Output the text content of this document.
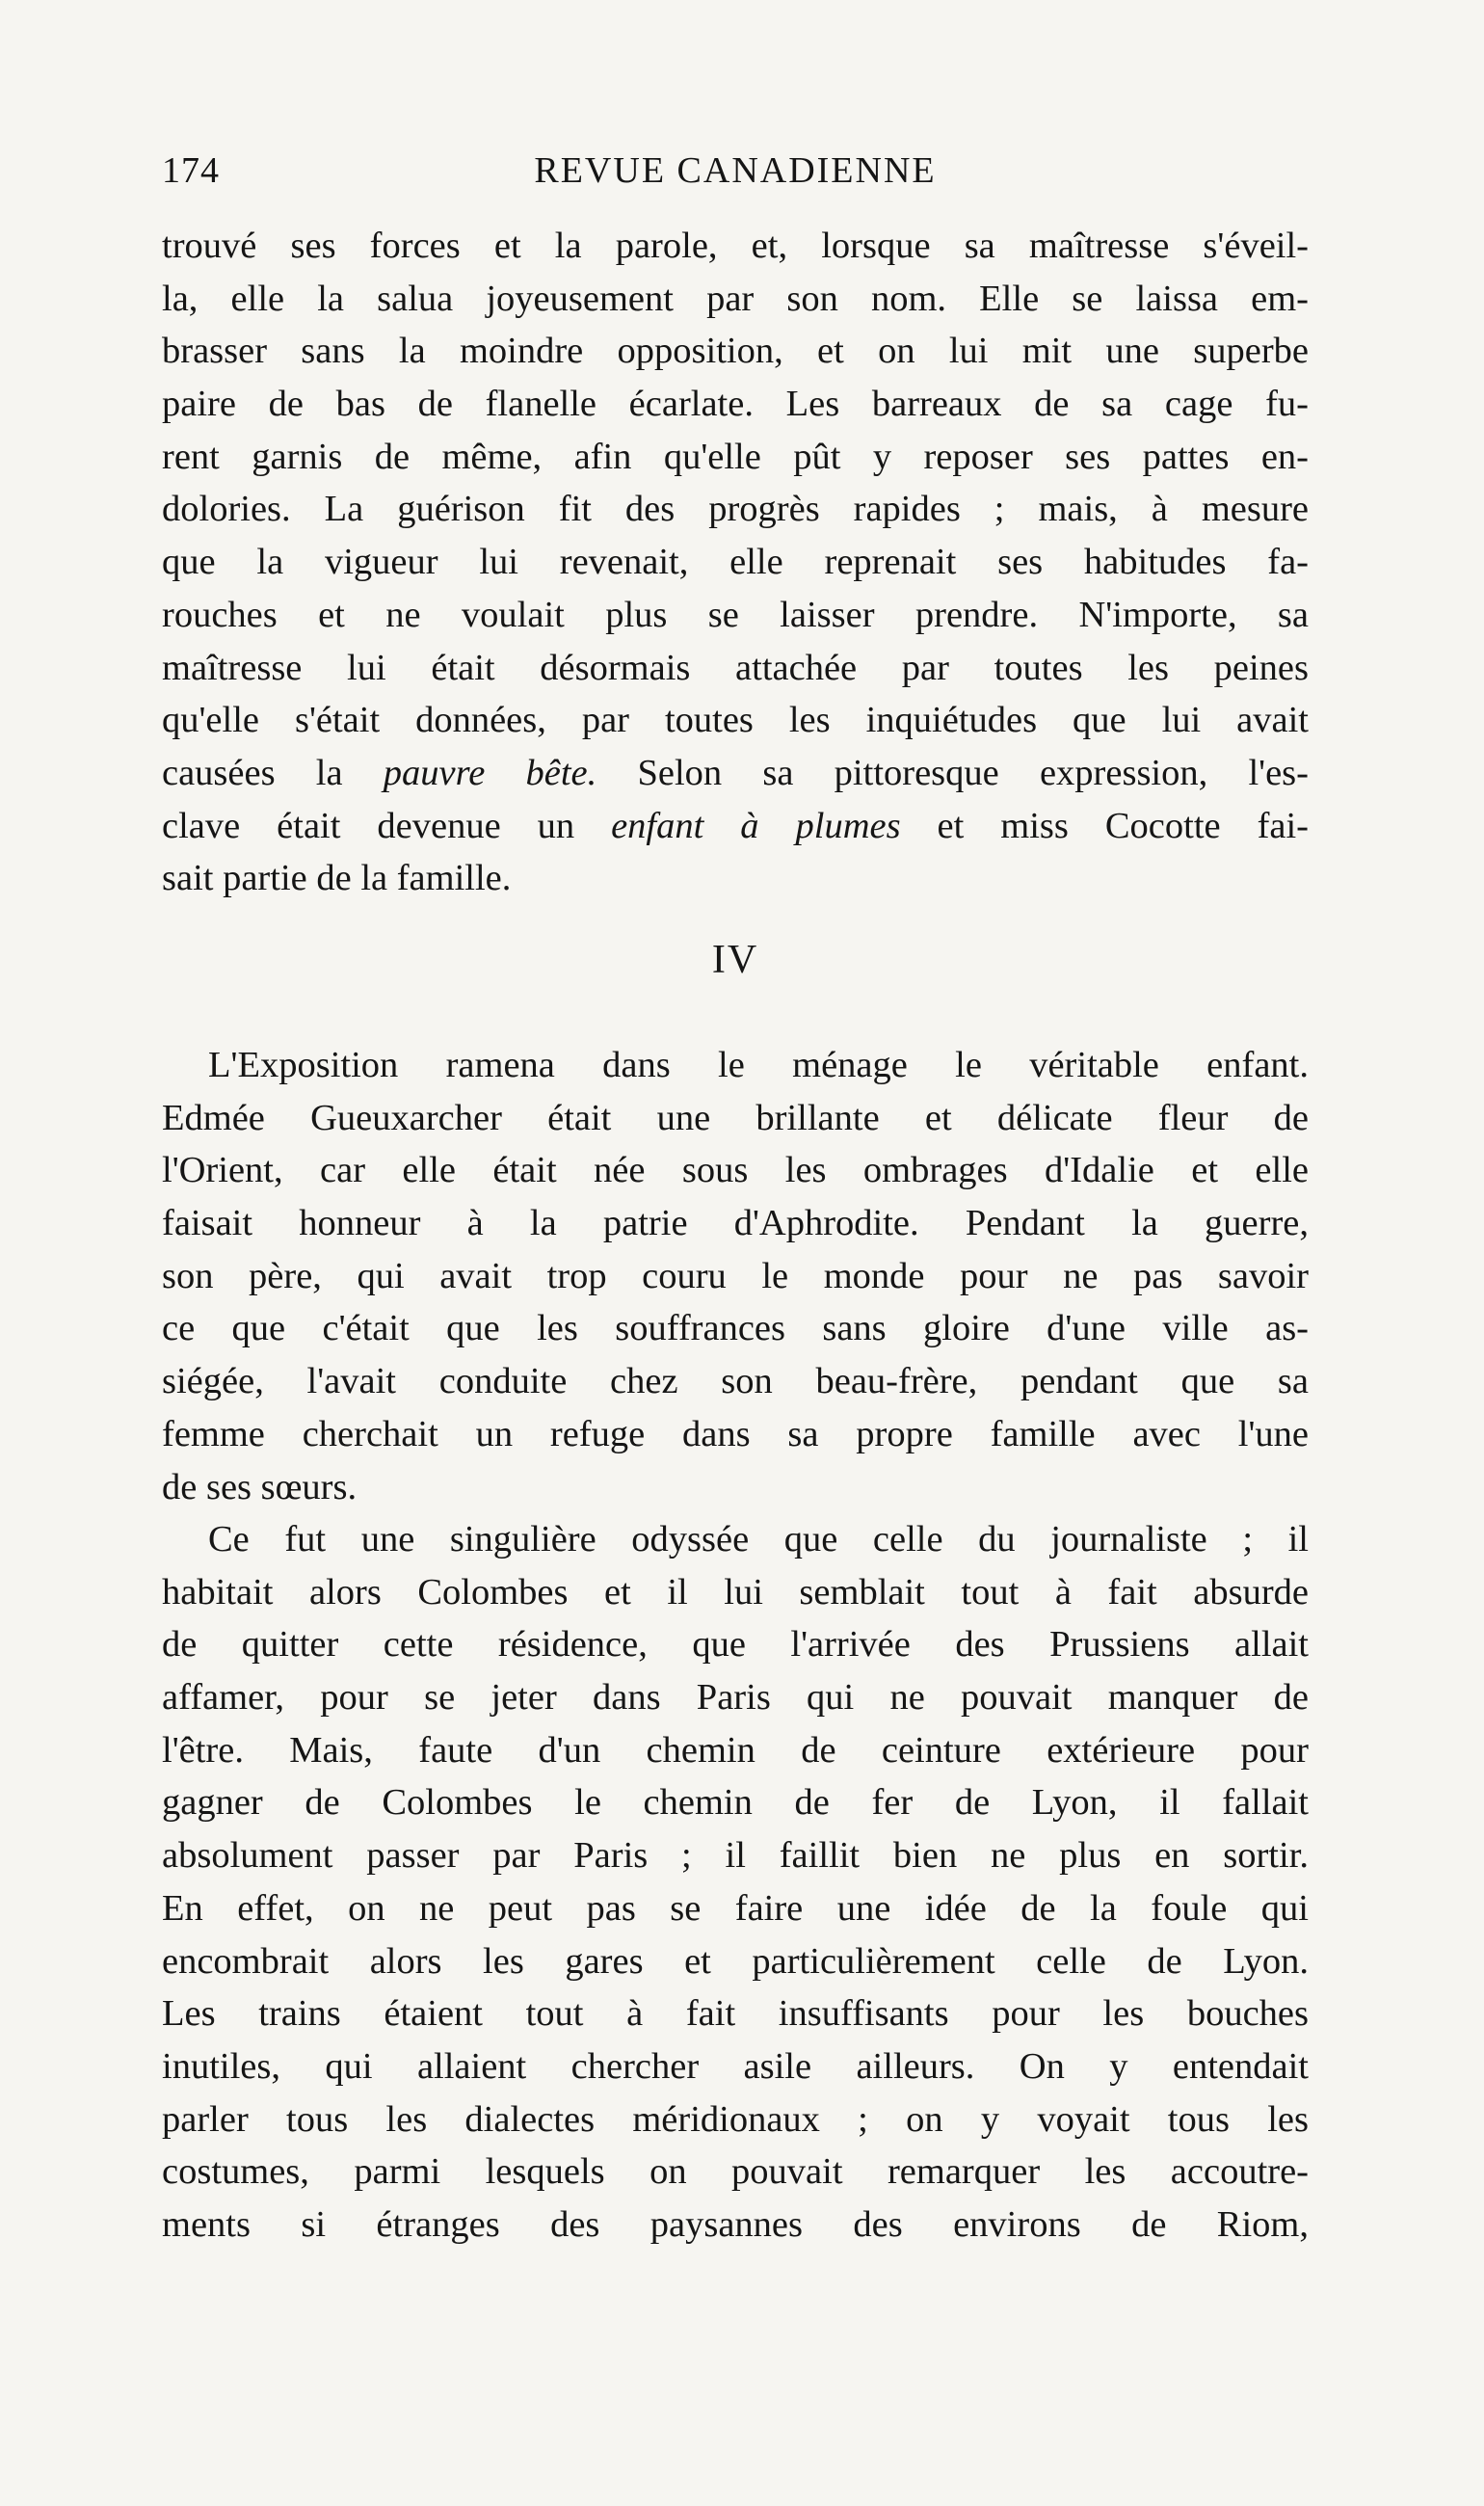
174	REVUE CANADIENNE
trouvé ses forces et la parole, et, lorsque sa maîtresse s'éveil-
la, elle la salua joyeusement par son nom. Elle se laissa em-
brasser sans la moindre opposition, et on lui mit une superbe
paire de bas de flanelle écarlate. Les barreaux de sa cage fu-
rent garnis de même, afin qu'elle pût y reposer ses pattes en-
dolories. La guérison fit des progrès rapides ; mais, à mesure
que la vigueur lui revenait, elle reprenait ses habitudes fa-
rouches et ne voulait plus se laisser prendre. N'importe, sa
maîtresse lui était désormais attachée par toutes les peines
qu'elle s'était données, par toutes les inquiétudes que lui avait
causées la pauvre bête. Selon sa pittoresque expression, l'es-
clave était devenue un enfant à plumes et miss Cocotte fai-
sait partie de la famille.
IV
L'Exposition ramena dans le ménage le véritable enfant.
Edmée Gueuxarcher était une brillante et délicate fleur de
l'Orient, car elle était née sous les ombrages d'Idalie et elle
faisait honneur à la patrie d'Aphrodite. Pendant la guerre,
son père, qui avait trop couru le monde pour ne pas savoir
ce que c'était que les souffrances sans gloire d'une ville as-
siégée, l'avait conduite chez son beau-frère, pendant que sa
femme cherchait un refuge dans sa propre famille avec l'une
de ses sœurs.
Ce fut une singulière odyssée que celle du journaliste ; il
habitait alors Colombes et il lui semblait tout à fait absurde
de quitter cette résidence, que l'arrivée des Prussiens allait
affamer, pour se jeter dans Paris qui ne pouvait manquer de
l'être. Mais, faute d'un chemin de ceinture extérieure pour
gagner de Colombes le chemin de fer de Lyon, il fallait
absolument passer par Paris ; il faillit bien ne plus en sortir.
En effet, on ne peut pas se faire une idée de la foule qui
encombrait alors les gares et particulièrement celle de Lyon.
Les trains étaient tout à fait insuffisants pour les bouches
inutiles, qui allaient chercher asile ailleurs. On y entendait
parler tous les dialectes méridionaux ; on y voyait tous les
costumes, parmi lesquels on pouvait remarquer les accoutre-
ments si étranges des paysannes des environs de Riom,
